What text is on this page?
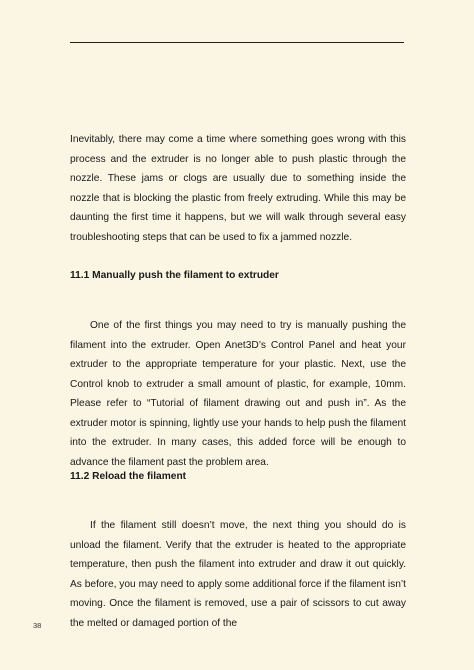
Inevitably, there may come a time where something goes wrong with this process and the extruder is no longer able to push plastic through the nozzle. These jams or clogs are usually due to something inside the nozzle that is blocking the plastic from freely extruding. While this may be daunting the first time it happens, but we will walk through several easy troubleshooting steps that can be used to fix a jammed nozzle.

11.1 Manually push the filament to extruder

One of the first things you may need to try is manually pushing the filament into the extruder. Open Anet3D’s Control Panel and heat your extruder to the appropriate temperature for your plastic. Next, use the Control knob to extruder a small amount of plastic, for example, 10mm. Please refer to “Tutorial of filament drawing out and push in”. As the extruder motor is spinning, lightly use your hands to help push the filament into the extruder. In many cases, this added force will be enough to advance the filament past the problem area.

11.2 Reload the filament

If the filament still doesn’t move, the next thing you should do is unload the filament. Verify that the extruder is heated to the appropriate temperature, then push the filament into extruder and draw it out quickly. As before, you may need to apply some additional force if the filament isn’t moving. Once the filament is removed, use a pair of scissors to cut away the melted or damaged portion of the

38
